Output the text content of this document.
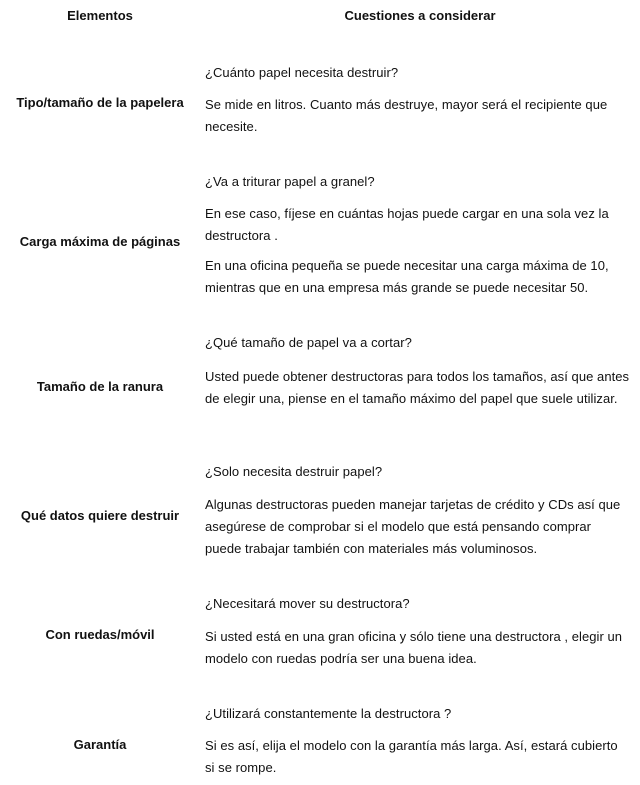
Elementos	Cuestiones a considerar
Tipo/tamaño de la papelera
¿Cuánto papel necesita destruir?
Se mide en litros. Cuanto más destruye, mayor será el recipiente que necesite.
Carga máxima de páginas
¿Va a triturar papel a granel?
En ese caso, fíjese en cuántas hojas puede cargar en una sola vez la destructora .
En una oficina pequeña se puede necesitar una carga máxima de 10, mientras que en una empresa más grande se puede necesitar 50.
Tamaño de la ranura
¿Qué tamaño de papel va a cortar?
Usted puede obtener destructoras para todos los tamaños, así que antes de elegir una, piense en el tamaño máximo del papel que suele utilizar.
Qué datos quiere destruir
¿Solo necesita destruir papel?
Algunas destructoras pueden manejar tarjetas de crédito y CDs así que asegúrese de comprobar si el modelo que está pensando comprar puede trabajar también con materiales más voluminosos.
Con ruedas/móvil
¿Necesitará mover su destructora?
Si usted está en una gran oficina y sólo tiene una destructora , elegir un modelo con ruedas podría ser una buena idea.
Garantía
¿Utilizará constantemente la destructora ?
Si es así, elija el modelo con la garantía más larga. Así, estará cubierto si se rompe.
